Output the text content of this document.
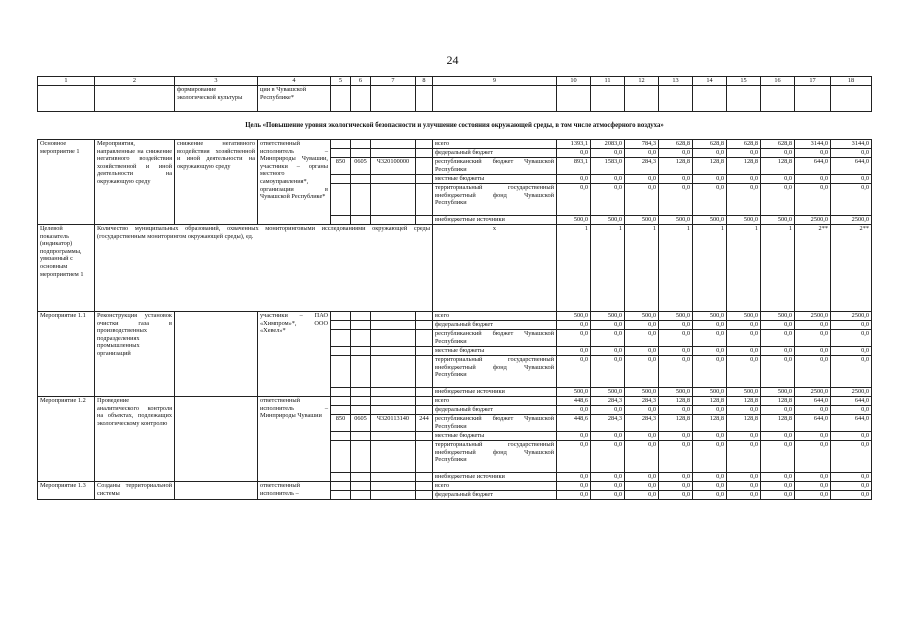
24
1	2	3	4	5	6	7	8	9	10	11	12	13	14	15	16	17	18
		формирование экологической культуры	ции в Чувашской Республике*														
Цель «Повышение уровня экологической безопасности и улучшение состояния окружающей среды, в том числе атмосферного воздуха»																	
Основное мероприятие 1	Мероприятия, направленные на снижение негативного воздействия хозяйственной и иной деятельности на окружающую среду	снижение негативного воздействия хозяйственной и иной деятельности на окружающую среду	ответственный исполнитель – Минприроды Чувашии, участники – органы местного самоуправления*, организации в Чувашской Республике*					всего	1393,1	2083,0	784,3	628,8	628,8	628,8	628,8	3144,0	3144,0
								федеральный бюджет	0,0	0,0	0,0	0,0	0,0	0,0	0,0	0,0	0,0
				850	0605	Ч320100000		республиканский бюджет Чувашской Республики	893,1	1583,0	284,3	128,8	128,8	128,8	128,8	644,0	644,0
								местные бюджеты	0,0	0,0	0,0	0,0	0,0	0,0	0,0	0,0	0,0
								территориальный государственный внебюджетный фонд Чувашской Республики	0,0	0,0	0,0	0,0	0,0	0,0	0,0	0,0	0,0
								внебюджетные источники	500,0	500,0	500,0	500,0	500,0	500,0	500,0	2500,0	2500,0
Целевой показатель (индикатор) подпрограммы, увязанный с основным мероприятием 1	Количество муниципальных образований, охваченных мониторинговыми исследованиями окружающей среды (государственным мониторингом окружающей среды), ед.							x	1	1	1	1	1	1	1	2**	2**
Мероприятие 1.1	Реконструкция установок очистки газа в производственных подразделениях промышленных организаций		участники – ПАО «Химпром»*, ООО «Хевел»*					всего	500,0	500,0	500,0	500,0	500,0	500,0	500,0	2500,0	2500,0
								федеральный бюджет	0,0	0,0	0,0	0,0	0,0	0,0	0,0	0,0	0,0
								республиканский бюджет Чувашской Республики	0,0	0,0	0,0	0,0	0,0	0,0	0,0	0,0	0,0
								местные бюджеты	0,0	0,0	0,0	0,0	0,0	0,0	0,0	0,0	0,0
								территориальный государственный внебюджетный фонд Чувашской Республики	0,0	0,0	0,0	0,0	0,0	0,0	0,0	0,0	0,0
								внебюджетные источники	500,0	500,0	500,0	500,0	500,0	500,0	500,0	2500,0	2500,0
Мероприятие 1.2	Проведение аналитического контроля на объектах, подлежащих экологическому контролю		ответственный исполнитель – Минприроды Чувашии					всего	448,6	284,3	284,3	128,8	128,8	128,8	128,8	644,0	644,0
								федеральный бюджет	0,0	0,0	0,0	0,0	0,0	0,0	0,0	0,0	0,0
				850	0605	Ч320113140	244	республиканский бюджет Чувашской Республики	448,6	284,3	284,3	128,8	128,8	128,8	128,8	644,0	644,0
								местные бюджеты	0,0	0,0	0,0	0,0	0,0	0,0	0,0	0,0	0,0
								территориальный государственный внебюджетный фонд Чувашской Республики	0,0	0,0	0,0	0,0	0,0	0,0	0,0	0,0	0,0
								внебюджетные источники	0,0	0,0	0,0	0,0	0,0	0,0	0,0	0,0	0,0
Мероприятие 1.3	Созданы территориальной системы		ответственный исполнитель –					всего	0,0	0,0	0,0	0,0	0,0	0,0	0,0	0,0	0,0
								федеральный бюджет	0,0	0,0	0,0	0,0	0,0	0,0	0,0	0,0	0,0
